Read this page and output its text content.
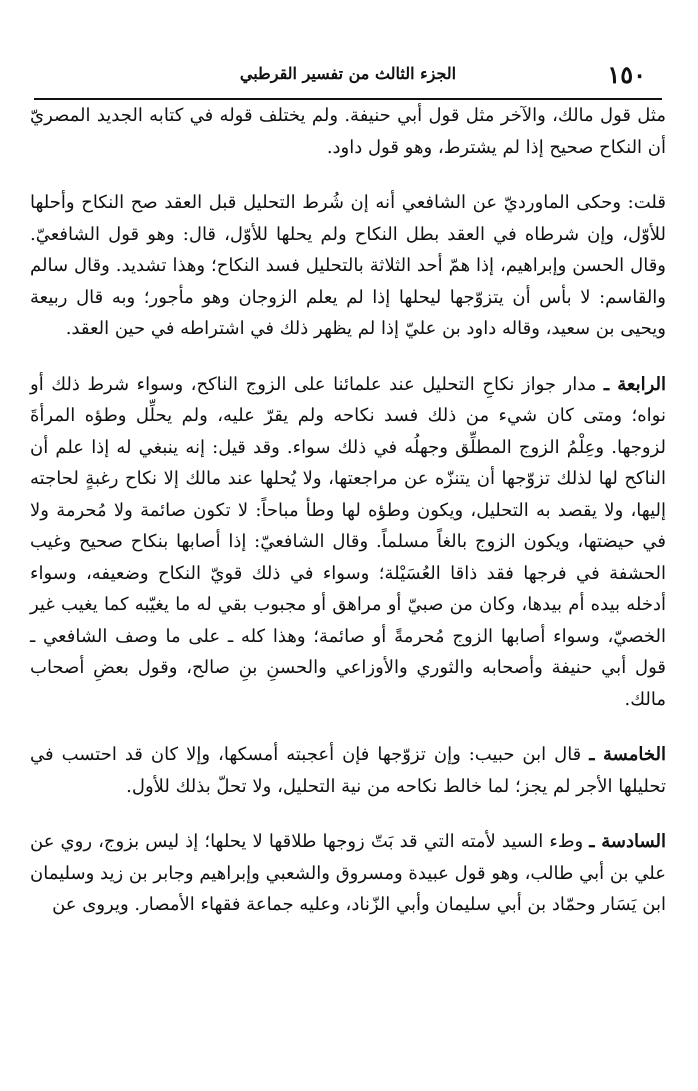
١٥٠
الجزء الثالث من تفسير القرطبي

مثل قول مالك، والآخر مثل قول أبي حنيفة. ولم يختلف قوله في كتابه الجديد المصريّ أن النكاح صحيح إذا لم يشترط، وهو قول داود.

قلت: وحكى الماورديّ عن الشافعي أنه إن شُرط التحليل قبل العقد صح النكاح وأحلها للأوّل، وإن شرطاه في العقد بطل النكاح ولم يحلها للأوّل، قال: وهو قول الشافعيّ. وقال الحسن وإبراهيم، إذا همّ أحد الثلاثة بالتحليل فسد النكاح؛ وهذا تشديد. وقال سالم والقاسم: لا بأس أن يتزوّجها ليحلها إذا لم يعلم الزوجان وهو مأجور؛ وبه قال ربيعة ويحيى بن سعيد، وقاله داود بن عليّ إذا لم يظهر ذلك في اشتراطه في حين العقد.

الرابعة ـ مدار جواز نكاحِ التحليل عند علمائنا على الزوج الناكح، وسواء شرط ذلك أو نواه؛ ومتى كان شيء من ذلك فسد نكاحه ولم يقرّ عليه، ولم يحلِّل وطؤه المرأةَ لزوجها. وعِلْمُ الزوج المطلِّق وجهلُه في ذلك سواء. وقد قيل: إنه ينبغي له إذا علم أن الناكح لها لذلك تزوّجها أن يتنزّه عن مراجعتها، ولا يُحلها عند مالك إلا نكاح رغبةٍ لحاجته إليها، ولا يقصد به التحليل، ويكون وطؤه لها وطأ مباحاً: لا تكون صائمة ولا مُحرمة ولا في حيضتها، ويكون الزوج بالغاً مسلماً. وقال الشافعيّ: إذا أصابها بنكاح صحيح وغيب الحشفة في فرجها فقد ذاقا العُسَيْلة؛ وسواء في ذلك قويّ النكاح وضعيفه، وسواء أدخله بيده أم بيدها، وكان من صبيّ أو مراهق أو مجبوب بقي له ما يغيّبه كما يغيب غير الخصيّ، وسواء أصابها الزوج مُحرمةً أو صائمة؛ وهذا كله ـ على ما وصف الشافعي ـ قول أبي حنيفة وأصحابه والثوري والأوزاعي والحسنِ بنِ صالح، وقول بعضِ أصحاب مالك.

الخامسة ـ قال ابن حبيب: وإن تزوّجها فإن أعجبته أمسكها، وإلا كان قد احتسب في تحليلها الأجر لم يجز؛ لما خالط نكاحه من نية التحليل، ولا تحلّ بذلك للأول.

السادسة ـ وطء السيد لأمته التي قد بَتّ زوجها طلاقها لا يحلها؛ إذ ليس بزوج، روي عن علي بن أبي طالب، وهو قول عبيدة ومسروق والشعبي وإبراهيم وجابر بن زيد وسليمان ابن يَسَار وحمّاد بن أبي سليمان وأبي الزّناد، وعليه جماعة فقهاء الأمصار. ويروى عن
